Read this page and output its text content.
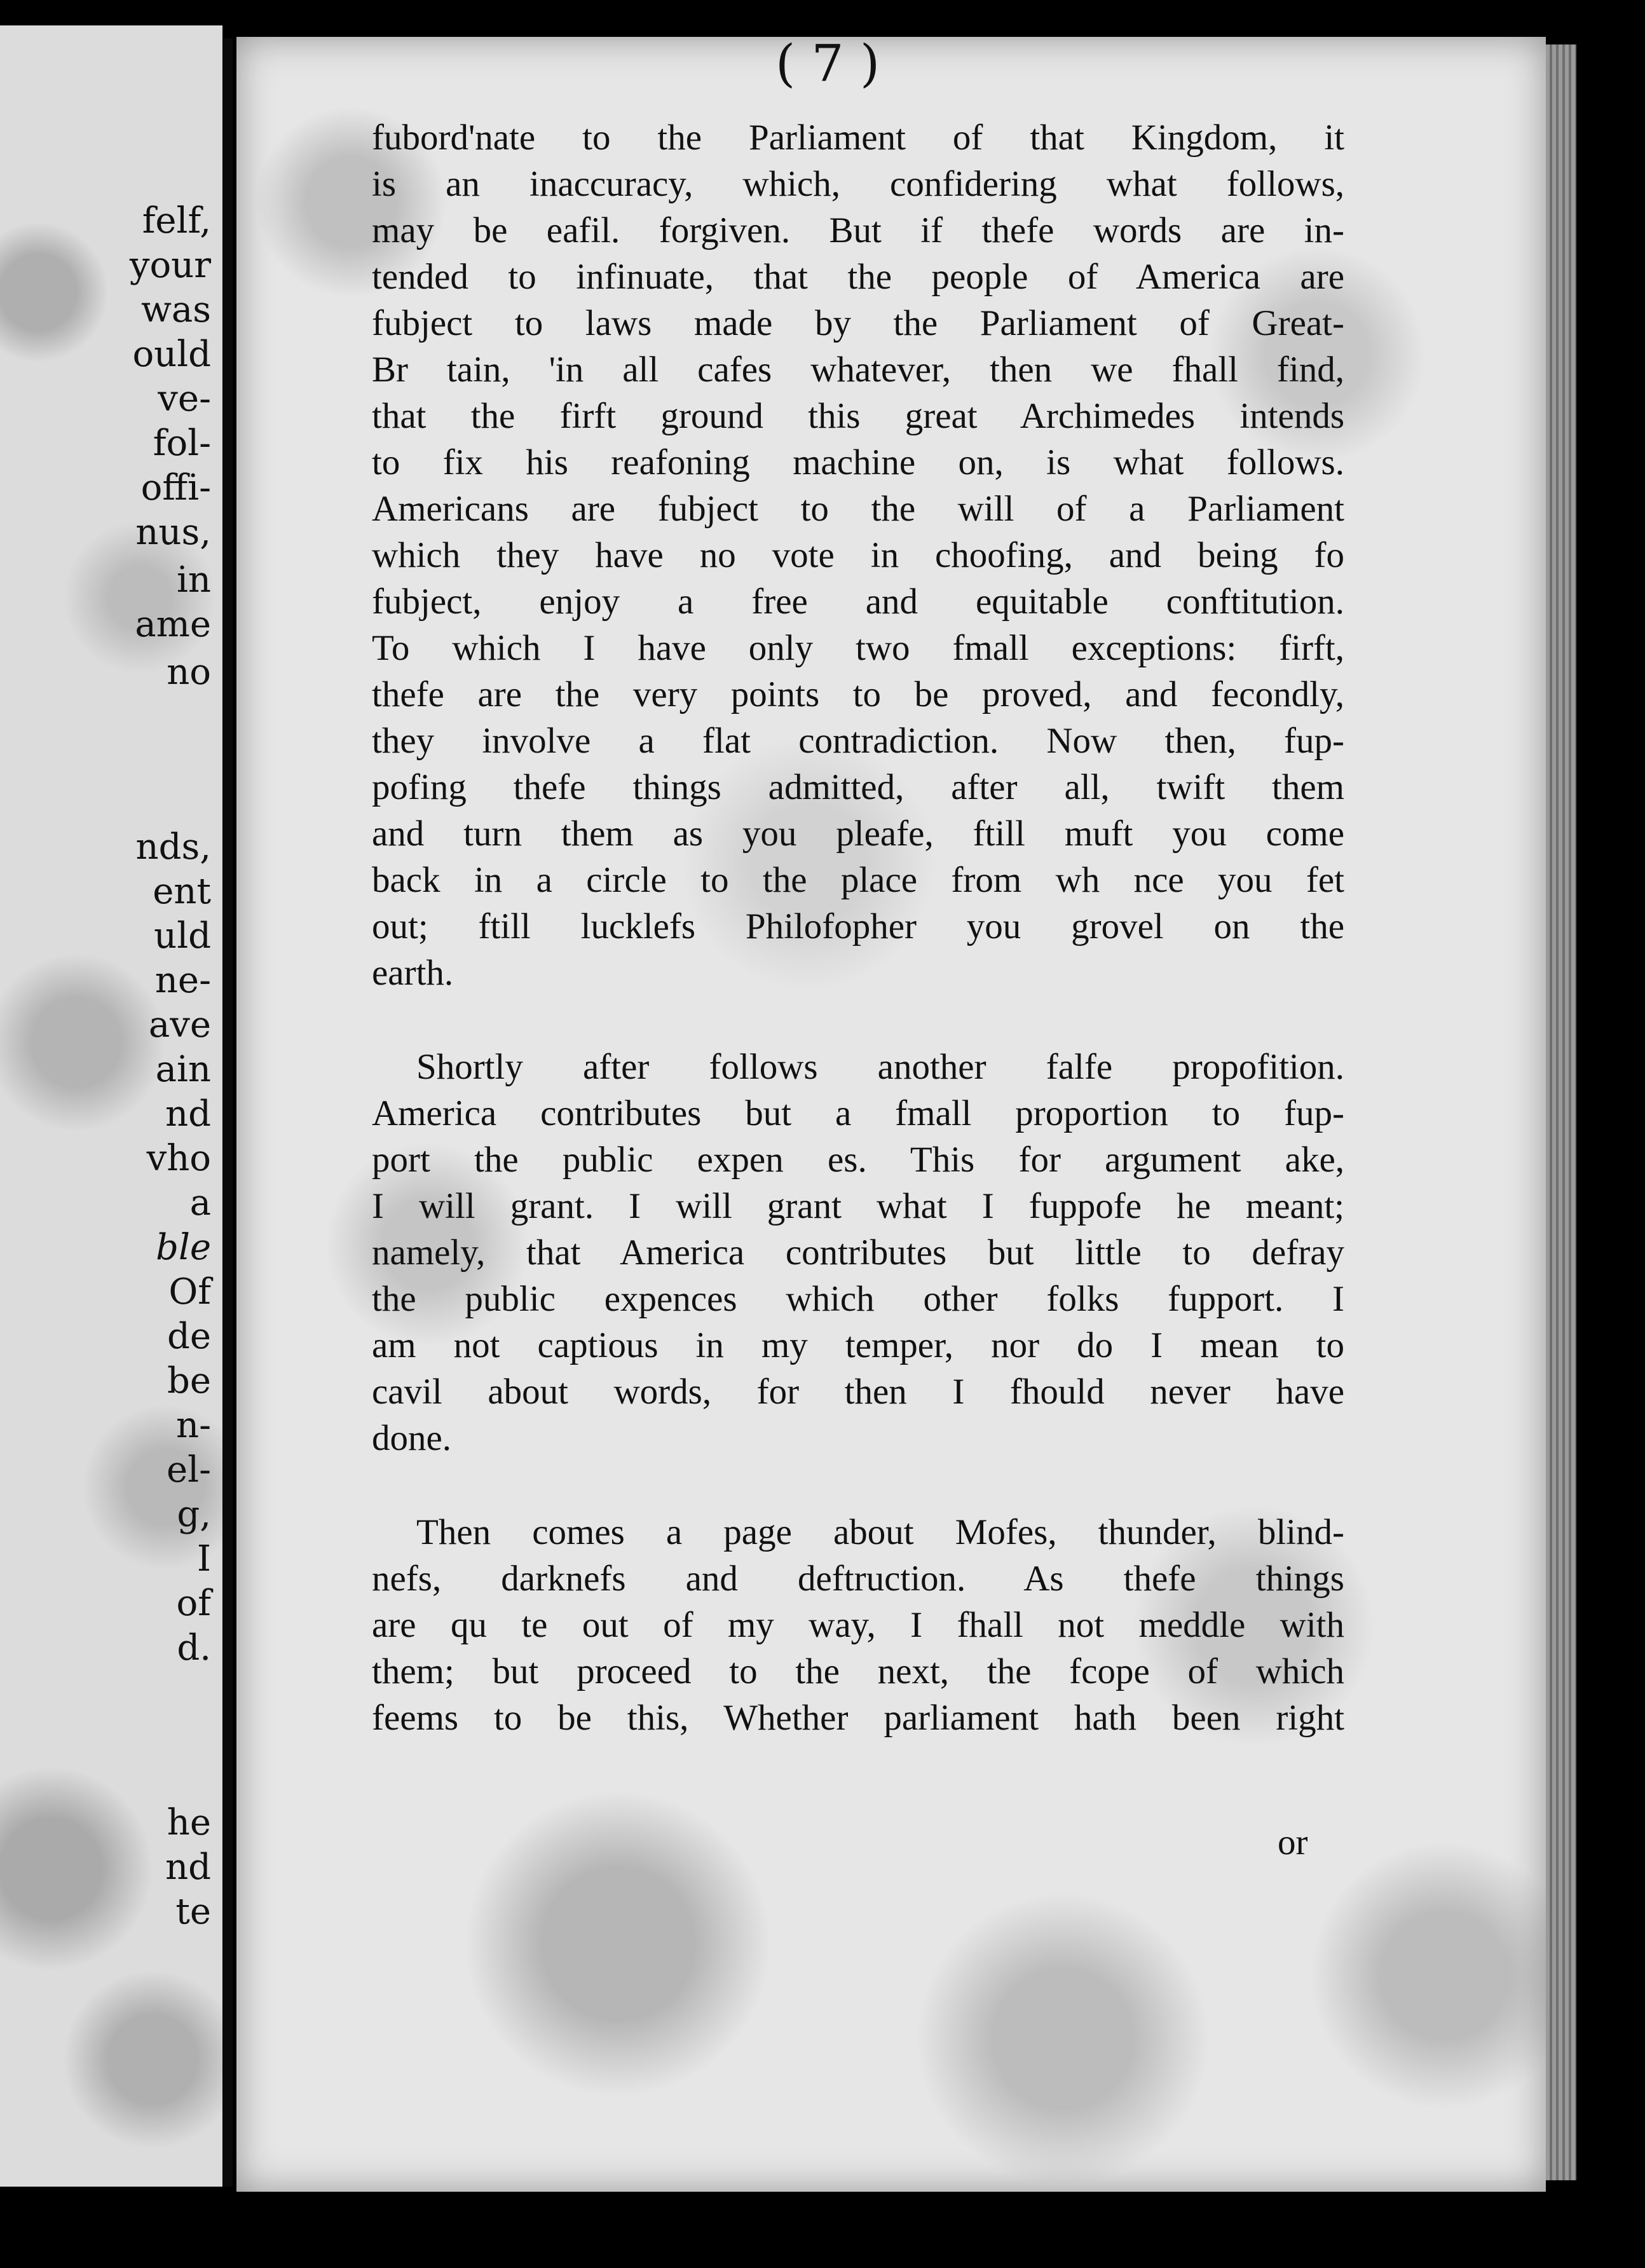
felf,
your
was
ould
ve-
fol-
offi-
nus,
in
ame
no
nds,
ent
uld
ne-
ave
ain
nd
vho
a
ble
Of
de
be
n-
el-
g,
I
of
d.
he
nd
te
( 7 )
fubord'nate to the Parliament of that Kingdom, it
is an inaccuracy, which, confidering what follows,
may be eafil. forgiven. But if thefe words are in-
tended to infinuate, that the people of America are
fubject to laws made by the Parliament of Great-
Br tain, 'in all cafes whatever, then we fhall find,
that the firft ground this great Archimedes intends
to fix his reafoning machine on, is what follows.
Americans are fubject to the will of a Parliament
which they have no vote in choofing, and being fo
fubject, enjoy a free and equitable conftitution.
To which I have only two fmall exceptions: firft,
thefe are the very points to be proved, and fecondly,
they involve a flat contradiction. Now then, fup-
pofing thefe things admitted, after all, twift them
and turn them as you pleafe, ftill muft you come
back in a circle to the place from wh nce you fet
out; ftill lucklefs Philofopher you grovel on the
earth.
Shortly after follows another falfe propofition.
America contributes but a fmall proportion to fup-
port the public expen es. This for argument ake,
I will grant. I will grant what I fuppofe he meant;
namely, that America contributes but little to defray
the public expences which other folks fupport. I
am not captious in my temper, nor do I mean to
cavil about words, for then I fhould never have
done.
Then comes a page about Mofes, thunder, blind-
nefs, darknefs and deftruction. As thefe things
are qu te out of my way, I fhall not meddle with
them; but proceed to the next, the fcope of which
feems to be this, Whether parliament hath been right
or
